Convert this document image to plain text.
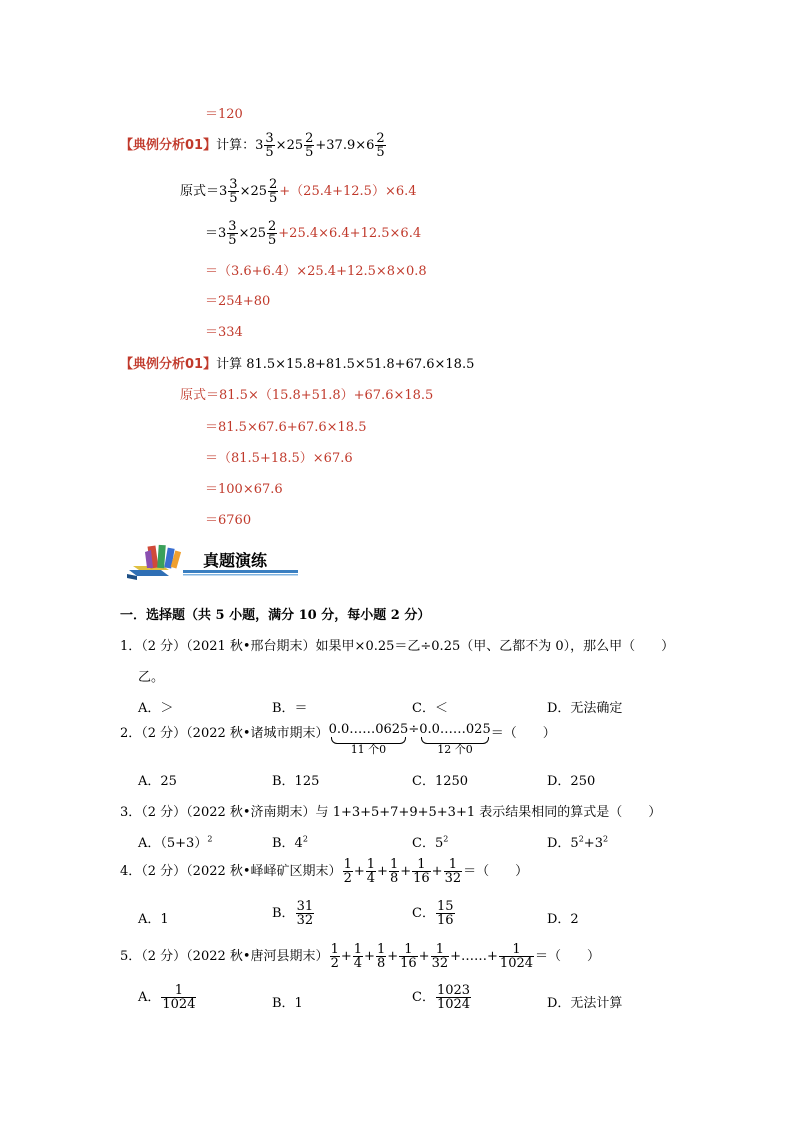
＝120
【典例分析01】计算：$3 \frac{3}{5} \times 25 \frac{2}{5} +37.9\times 6 \frac{2}{5}$
原式$=3 \frac{3}{5} \times 25 \frac{2}{5} +(25.4+12.5)\times 6.4$
$=3 \frac{3}{5} \times 25 \frac{2}{5} +25.4\times 6.4+12.5\times 6.4$
＝（3.6+6.4）×25.4+12.5×8×0.8
＝254+80
＝334
【典例分析01】计算 81.5×15.8+81.5×51.8+67.6×18.5
原式＝81.5×（15.8+51.8）+67.6×18.5
＝81.5×67.6+67.6×18.5
＝（81.5+18.5）×67.6
＝100×67.6
＝6760
真题演练
一．选择题（共 5 小题，满分 10 分，每小题 2 分）
1．（2 分）（2021 秋•邢台期末）如果甲×0.25＝乙÷0.25（甲、乙都不为 0），那么甲（　　）
乙。
A．＞	B．＝	C．＜	D．无法确定
2．（2 分）（2022 秋•诸城市期末） 0.0……0625
11 个0
÷ 0.0……025
12 个0
＝（　　）
A．25	B．125	C．1250	D．250
3．（2 分）（2022 秋•济南期末）与 1+3+5+7+9+5+3+1 表示结果相同的算式是（　　）
A．$(5+3)^2$	B．$4^2$	C．$5^2$	D．$5^2+3^2$
4．（2 分）（2022 秋•峄峄矿区期末） $\frac{1}{2} + \frac{1}{4} + \frac{1}{8} + \frac{1}{16} + \frac{1}{32}$ ＝（　　）
A．1	B． $\frac{31}{32}$	C． $\frac{15}{16}$	D．2
5．（2 分）（2022 秋•唐河县期末） $\frac{1}{2} + \frac{1}{4} + \frac{1}{8} + \frac{1}{16} + \frac{1}{32}$ +……+ $\frac{1}{1024}$ ＝（　　）
A． $\frac{1}{1024}$	B．1	C． $\frac{1023}{1024}$	D．无法计算
